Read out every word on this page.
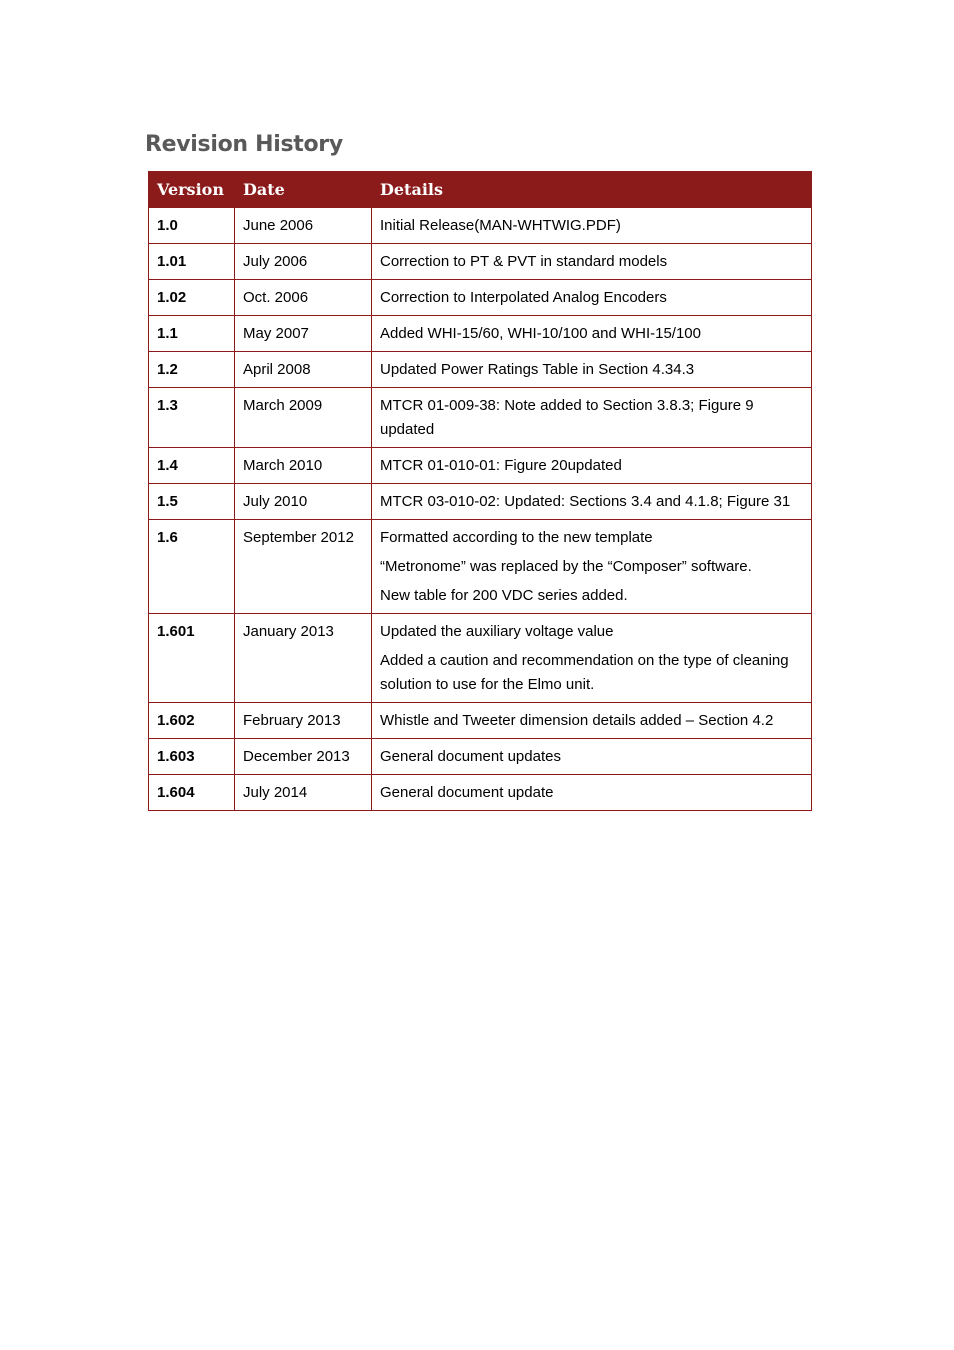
Revision History
Version	Date	Details
1.0	June 2006	Initial Release(MAN-WHTWIG.PDF)

1.01	July 2006	Correction to PT & PVT in standard models

1.02	Oct. 2006	Correction to Interpolated Analog Encoders

1.1	May 2007	Added WHI-15/60, WHI-10/100 and WHI-15/100

1.2	April 2008	Updated Power Ratings Table in Section 4.34.3

1.3	March 2009	MTCR 01-009-38: Note added to Section 3.8.3; Figure 9 updated

1.4	March 2010	MTCR 01-010-01: Figure 20updated

1.5	July 2010	MTCR 03-010-02: Updated: Sections 3.4 and 4.1.8; Figure 31

1.6	September 2012	Formatted according to the new template
“Metronome” was replaced by the “Composer” software.
New table for 200 VDC series added.

1.601	January 2013	Updated the auxiliary voltage value
Added a caution and recommendation on the type of cleaning solution to use for the Elmo unit.

1.602	February 2013	Whistle and Tweeter dimension details added – Section 4.2

1.603	December 2013	General document updates

1.604	July 2014	General document update
